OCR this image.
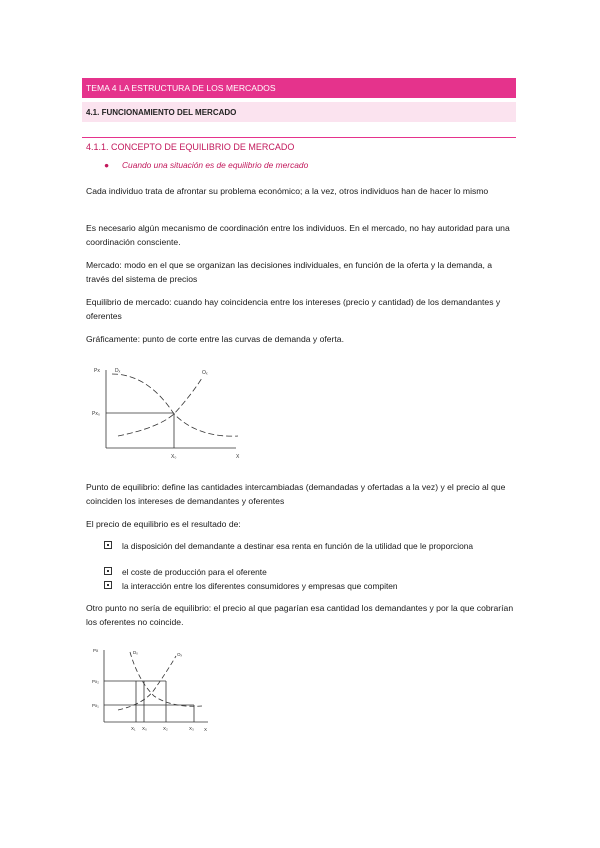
TEMA 4 LA ESTRUCTURA DE LOS MERCADOS
4.1. FUNCIONAMIENTO DEL MERCADO
4.1.1. CONCEPTO DE EQUILIBRIO DE MERCADO
● Cuando una situación es de equilibrio de mercado

Cada individuo trata de afrontar su problema económico; a la vez, otros individuos han de hacer lo mismo

Es necesario algún mecanismo de coordinación entre los individuos. En el mercado, no hay autoridad para una coordinación consciente.

Mercado: modo en el que se organizan las decisiones individuales, en función de la oferta y la demanda, a través del sistema de precios

Equilibrio de mercado: cuando hay coincidencia entre los intereses (precio y cantidad) de los demandantes y oferentes

Gráficamente: punto de corte entre las curvas de demanda y oferta.

Px
X
Dₓ	Oₓ
Px₀
X₀

Punto de equilibrio: define las cantidades intercambiadas (demandadas y ofertadas a la vez) y el precio al que coinciden los intereses de demandantes y oferentes

El precio de equilibrio es el resultado de:

la disposición del demandante a destinar esa renta en función de la utilidad que le proporciona
el coste de producción para el oferente
la interacción entre los diferentes consumidores y empresas que compiten

Otro punto no sería de equilibrio: el precio al que pagarían esa cantidad los demandantes y por la que cobrarían los oferentes no coincide.

Px
X
Dₓ	Oₓ
Px₂
Px₁
X₁ X₀	X₂	X₃
